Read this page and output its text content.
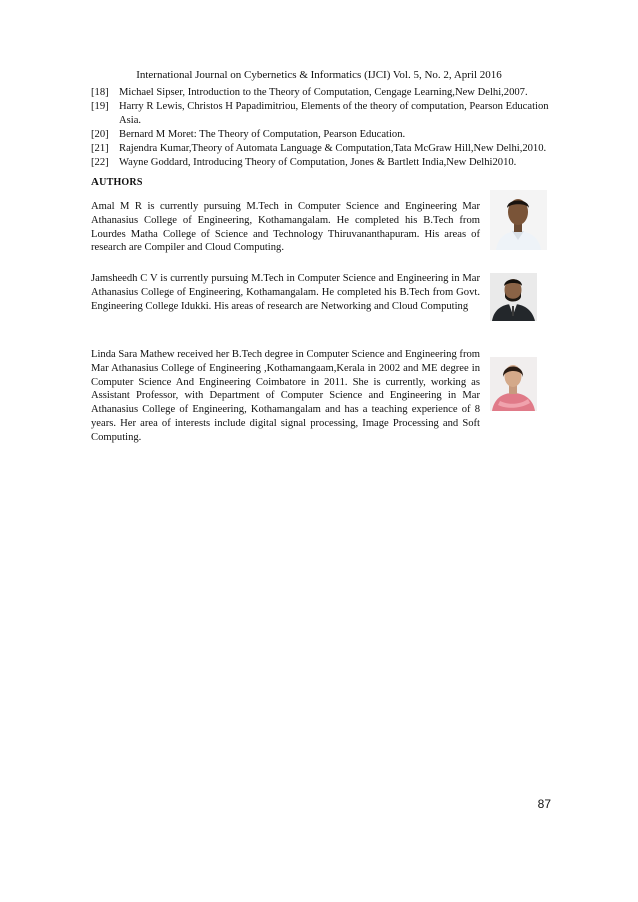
International Journal on Cybernetics & Informatics (IJCI) Vol. 5, No. 2, April 2016
[18] Michael Sipser, Introduction to the Theory of Computation, Cengage Learning,New Delhi,2007.
[19] Harry R Lewis, Christos H Papadimitriou, Elements of the theory of computation, Pearson Education Asia.
[20] Bernard M Moret: The Theory of Computation, Pearson Education.
[21] Rajendra Kumar,Theory of Automata Language & Computation,Tata McGraw Hill,New Delhi,2010.
[22] Wayne Goddard, Introducing Theory of Computation, Jones & Bartlett India,New Delhi2010.
AUTHORS
Amal M R is currently pursuing M.Tech in Computer Science and Engineering Mar Athanasius College of Engineering, Kothamangalam. He completed his B.Tech from Lourdes Matha College of Science and Technology Thiruvananthapuram. His areas of research are Compiler and Cloud Computing.
Jamsheedh C V is currently pursuing M.Tech in Computer Science and Engineering in Mar Athanasius College of Engineering, Kothamangalam. He completed his B.Tech from Govt. Engineering College Idukki. His areas of research are Networking and Cloud Computing
Linda Sara Mathew received her B.Tech degree in Computer Science and Engineering from Mar Athanasius College of Engineering ,Kothamangaam,Kerala in 2002 and ME degree in Computer Science And Engineering Coimbatore in 2011. She is currently, working as Assistant Professor, with Department of Computer Science and Engineering in Mar Athanasius College of Engineering, Kothamangalam and has a teaching experience of 8 years. Her area of interests include digital signal processing, Image Processing and Soft Computing.
87
